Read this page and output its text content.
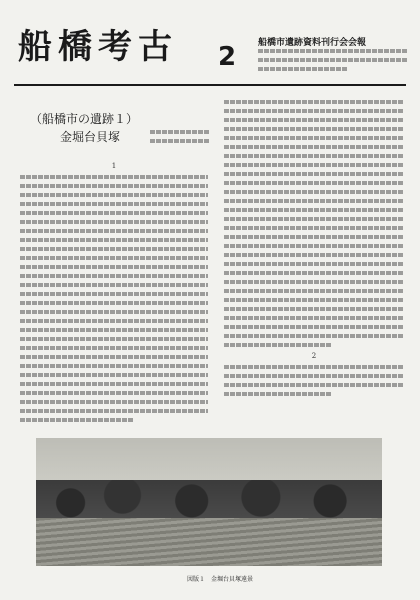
船橋考古 2 船橋市遺跡資料刊行会会報
（船橋市の遺跡１）
金堀台貝塚
1
2
図版１　金堀台貝塚遠景
